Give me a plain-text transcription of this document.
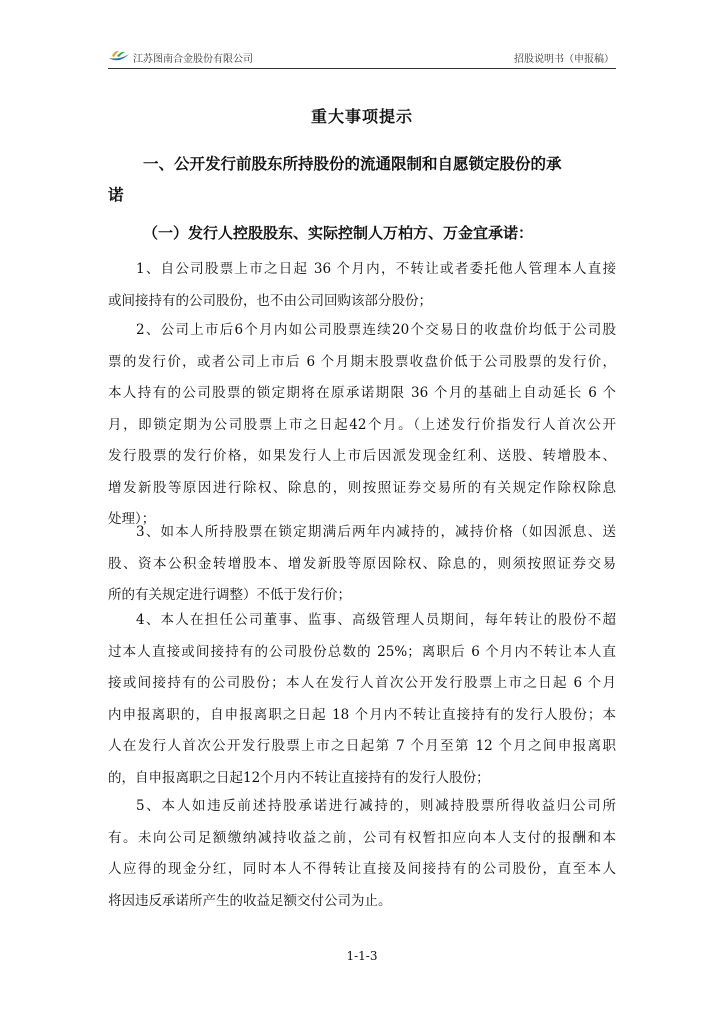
江苏图南合金股份有限公司	招股说明书（申报稿）
重大事项提示
一、公开发行前股东所持股份的流通限制和自愿锁定股份的承
诺
（一）发行人控股股东、实际控制人万柏方、万金宜承诺：
1、自公司股票上市之日起 36 个月内，不转让或者委托他人管理本人直接
或间接持有的公司股份，也不由公司回购该部分股份；
2、公司上市后6个月内如公司股票连续20个交易日的收盘价均低于公司股
票的发行价，或者公司上市后 6 个月期末股票收盘价低于公司股票的发行价，
本人持有的公司股票的锁定期将在原承诺期限 36 个月的基础上自动延长 6 个
月，即锁定期为公司股票上市之日起42个月。（上述发行价指发行人首次公开
发行股票的发行价格，如果发行人上市后因派发现金红利、送股、转增股本、
增发新股等原因进行除权、除息的，则按照证券交易所的有关规定作除权除息
处理）；
3、如本人所持股票在锁定期满后两年内减持的，减持价格（如因派息、送
股、资本公积金转增股本、增发新股等原因除权、除息的，则须按照证券交易
所的有关规定进行调整）不低于发行价；
4、本人在担任公司董事、监事、高级管理人员期间，每年转让的股份不超
过本人直接或间接持有的公司股份总数的 25%；离职后 6 个月内不转让本人直
接或间接持有的公司股份；本人在发行人首次公开发行股票上市之日起 6 个月
内申报离职的，自申报离职之日起 18 个月内不转让直接持有的发行人股份；本
人在发行人首次公开发行股票上市之日起第 7 个月至第 12 个月之间申报离职
的，自申报离职之日起12个月内不转让直接持有的发行人股份；
5、本人如违反前述持股承诺进行减持的，则减持股票所得收益归公司所
有。未向公司足额缴纳减持收益之前，公司有权暂扣应向本人支付的报酬和本
人应得的现金分红，同时本人不得转让直接及间接持有的公司股份，直至本人
将因违反承诺所产生的收益足额交付公司为止。
1-1-3
